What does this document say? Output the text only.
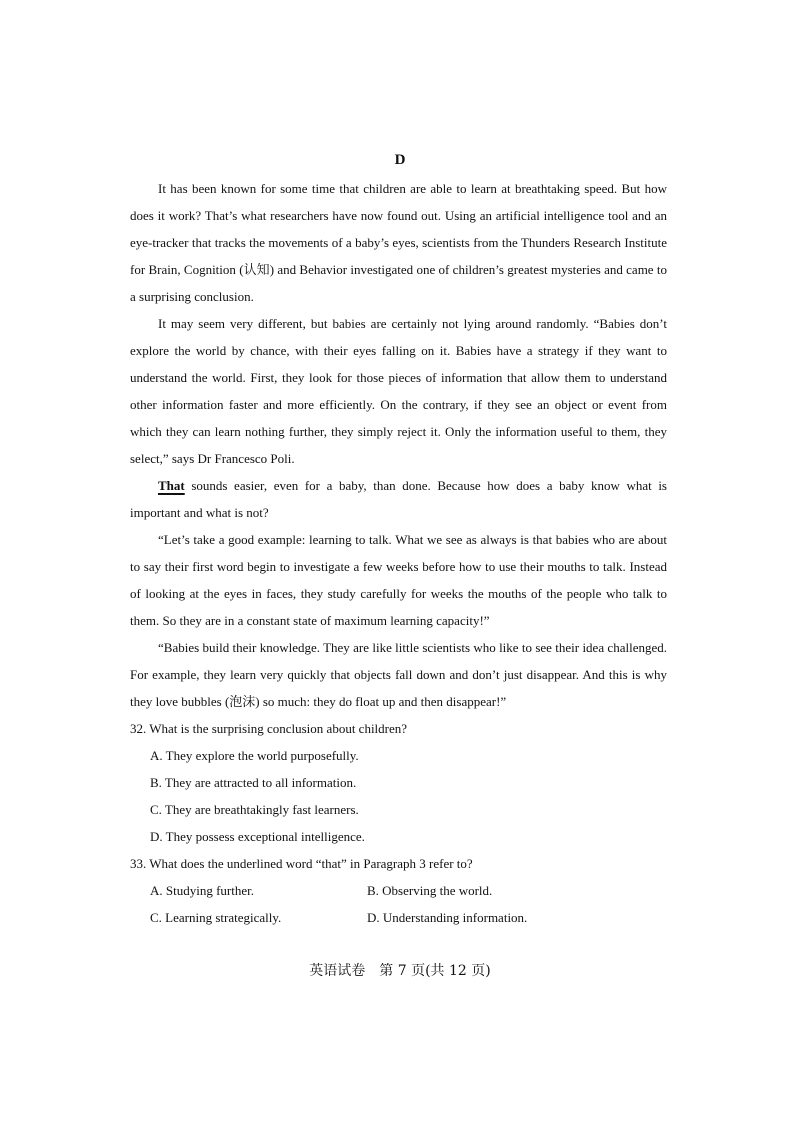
D

It has been known for some time that children are able to learn at breathtaking speed. But how does it work? That’s what researchers have now found out. Using an artificial intelligence tool and an eye-tracker that tracks the movements of a baby’s eyes, scientists from the Thunders Research Institute for Brain, Cognition (认知) and Behavior investigated one of children’s greatest mysteries and came to a surprising conclusion.

It may seem very different, but babies are certainly not lying around randomly. “Babies don’t explore the world by chance, with their eyes falling on it. Babies have a strategy if they want to understand the world. First, they look for those pieces of information that allow them to understand other information faster and more efficiently. On the contrary, if they see an object or event from which they can learn nothing further, they simply reject it. Only the information useful to them, they select,” says Dr Francesco Poli.

That sounds easier, even for a baby, than done. Because how does a baby know what is important and what is not?

“Let’s take a good example: learning to talk. What we see as always is that babies who are about to say their first word begin to investigate a few weeks before how to use their mouths to talk. Instead of looking at the eyes in faces, they study carefully for weeks the mouths of the people who talk to them. So they are in a constant state of maximum learning capacity!”

“Babies build their knowledge. They are like little scientists who like to see their idea challenged. For example, they learn very quickly that objects fall down and don’t just disappear. And this is why they love bubbles (泡沫) so much: they do float up and then disappear!”

32. What is the surprising conclusion about children?
A. They explore the world purposefully.
B. They are attracted to all information.
C. They are breathtakingly fast learners.
D. They possess exceptional intelligence.
33. What does the underlined word “that” in Paragraph 3 refer to?
A. Studying further.	B. Observing the world.
C. Learning strategically.	D. Understanding information.
英语试卷　第 7 页(共 12 页)
